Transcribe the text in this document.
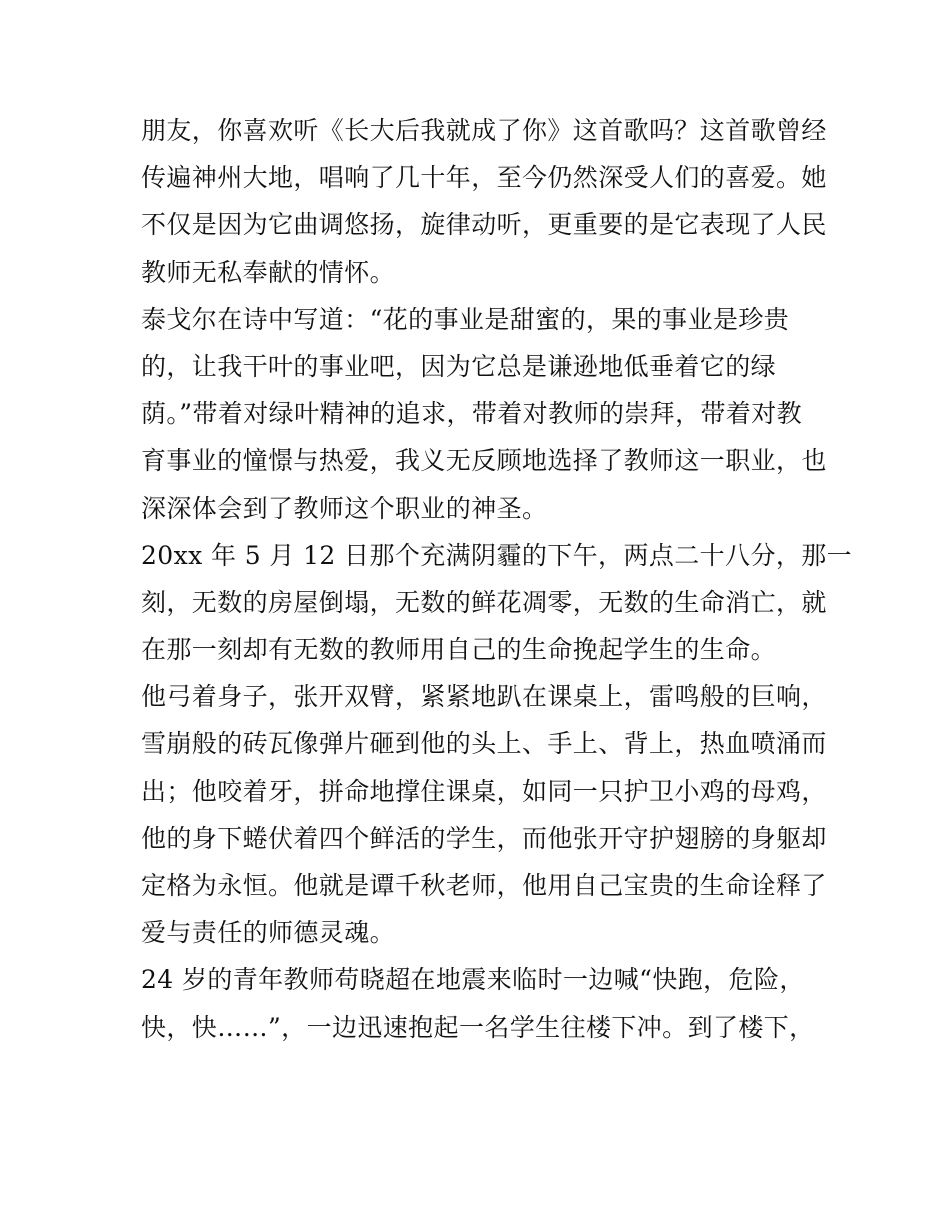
朋友，你喜欢听《长大后我就成了你》这首歌吗？这首歌曾经
传遍神州大地，唱响了几十年，至今仍然深受人们的喜爱。她
不仅是因为它曲调悠扬，旋律动听，更重要的是它表现了人民
教师无私奉献的情怀。
泰戈尔在诗中写道：“花的事业是甜蜜的，果的事业是珍贵
的，让我干叶的事业吧，因为它总是谦逊地低垂着它的绿
荫。”带着对绿叶精神的追求，带着对教师的崇拜，带着对教
育事业的憧憬与热爱，我义无反顾地选择了教师这一职业，也
深深体会到了教师这个职业的神圣。
20xx 年 5 月 12 日那个充满阴霾的下午，两点二十八分，那一
刻，无数的房屋倒塌，无数的鲜花凋零，无数的生命消亡，就
在那一刻却有无数的教师用自己的生命挽起学生的生命。
他弓着身子，张开双臂，紧紧地趴在课桌上，雷鸣般的巨响，
雪崩般的砖瓦像弹片砸到他的头上、手上、背上，热血喷涌而
出；他咬着牙，拼命地撑住课桌，如同一只护卫小鸡的母鸡，
他的身下蜷伏着四个鲜活的学生，而他张开守护翅膀的身躯却
定格为永恒。他就是谭千秋老师，他用自己宝贵的生命诠释了
爱与责任的师德灵魂。
24 岁的青年教师苟晓超在地震来临时一边喊“快跑，危险，
快，快……”，一边迅速抱起一名学生往楼下冲。到了楼下，
